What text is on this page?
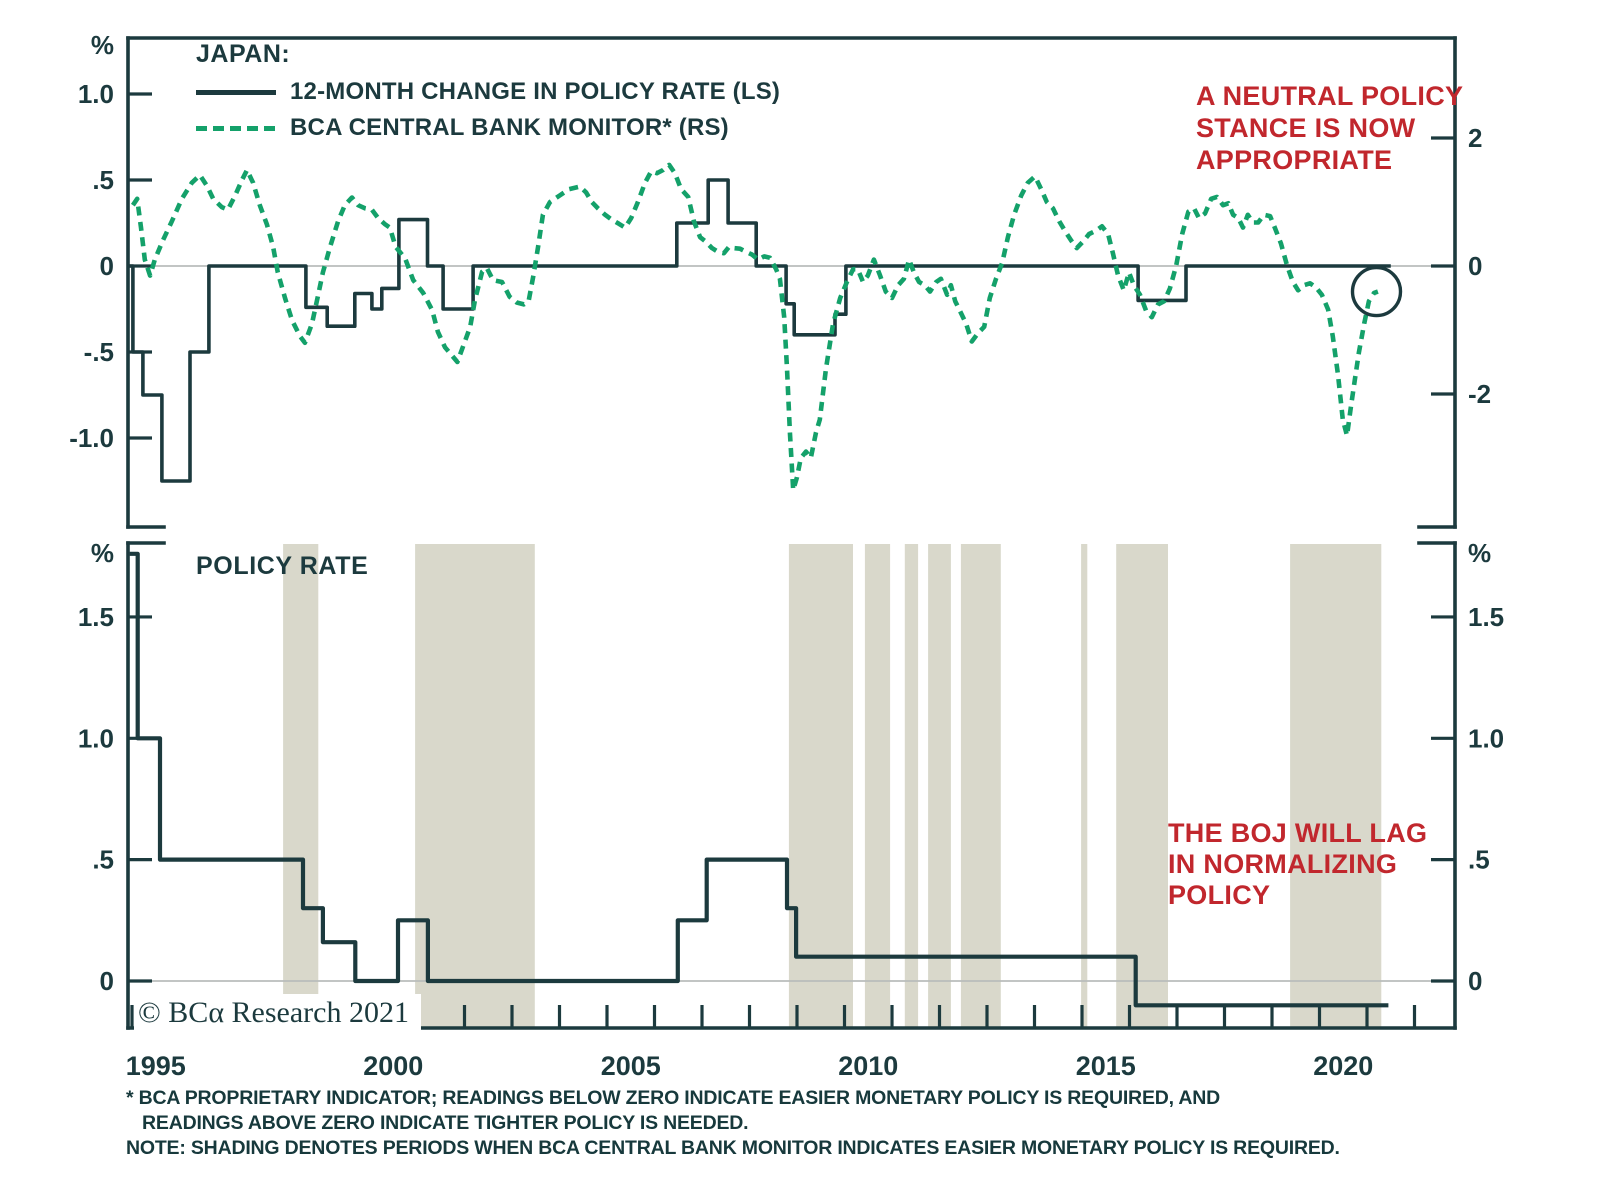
1.0
.5
0
-.5
-1.0
%
2
0
-2
1.5
1.0
.5
0
%
1.5
1.0
.5
0
%
1995	2000	2005	2010	2015	2020
JAPAN:
12-MONTH CHANGE IN POLICY RATE (LS)
BCA CENTRAL BANK MONITOR* (RS)
A NEUTRAL POLICY
STANCE IS NOW
APPROPRIATE
POLICY RATE
THE BOJ WILL LAG
IN NORMALIZING
POLICY
© BCα Research 2021
* BCA PROPRIETARY INDICATOR; READINGS BELOW ZERO INDICATE EASIER MONETARY POLICY IS REQUIRED, AND
READINGS ABOVE ZERO INDICATE TIGHTER POLICY IS NEEDED.
NOTE: SHADING DENOTES PERIODS WHEN BCA CENTRAL BANK MONITOR INDICATES EASIER MONETARY POLICY IS REQUIRED.
